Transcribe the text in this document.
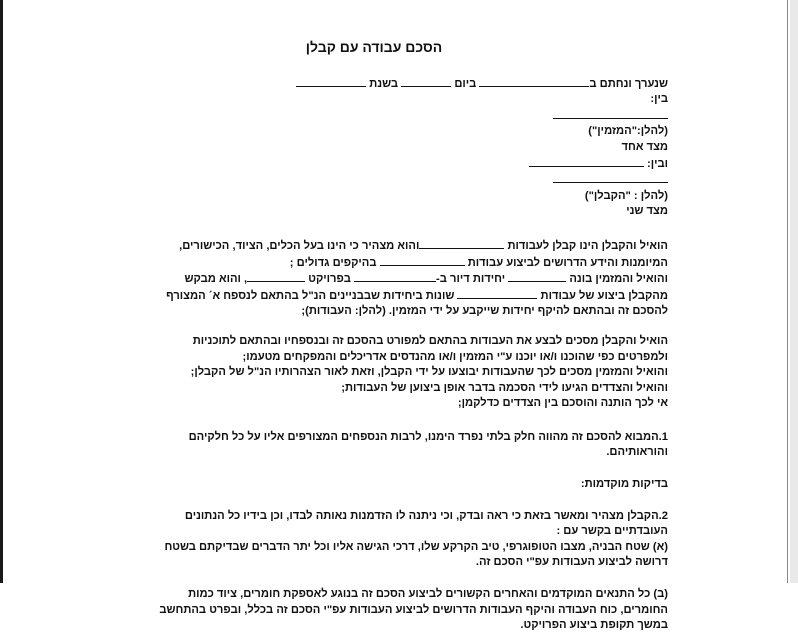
הסכם עבודה עם קבלן

שנערך ונחתם ב ביום  בשנת

בין:

(להלן:"המזמין")

מצד אחד

ובין:

(להלן : "הקבלן")

מצד שני

הואיל והקבלן הינו קבלן לעבודות והוא מצהיר כי הינו בעל הכלים, הציוד, הכישורים,

המיומנות והידע הדרושים לביצוע עבודות  בהיקפים גדולים ;

והואיל והמזמין בונה  יחידות דיור ב- בפרויקט , והוא מבקש

מהקבלן ביצוע של עבודות  שונות ביחידות שבבניינים הנ"ל בהתאם לנספח א´ המצורף

להסכם זה ובהתאם להיקף יחידות שייקבע על ידי המזמין. (להלן: העבודות);

הואיל והקבלן מסכים לבצע את העבודות בהתאם למפורט בהסכם זה ובנספחיו ובהתאם לתוכניות

ולמפרטים כפי שהוכנו ו/או יוכנו ע"י המזמין ו/או מהנדסים אדריכלים והמפקחים מטעמו;

והואיל והמזמין מסכים לכך שהעבודות יבוצעו על ידי הקבלן, וזאת לאור הצהרותיו הנ"ל של הקבלן;

והואיל והצדדים הגיעו לידי הסכמה בדבר אופן ביצוען של העבודות;

אי לכך הותנה והוסכם בין הצדדים כדלקמן;

1.המבוא להסכם זה מהווה חלק בלתי נפרד הימנו, לרבות הנספחים המצורפים אליו על כל חלקיהם

והוראותיהם.

בדיקות מוקדמות:

2.הקבלן מצהיר ומאשר בזאת כי ראה ובדק, וכי ניתנה לו הזדמנות נאותה לבדו, וכן בידיו כל הנתונים

העובדתיים בקשר עם :

(א) שטח הבניה, מצבו הטופוגרפי, טיב הקרקע שלו, דרכי הגישה אליו וכל יתר הדברים שבדיקתם בשטח

דרושה לביצוע העבודות עפ"י הסכם זה.

(ב) כל התנאים המוקדמים והאחרים הקשורים לביצוע הסכם זה בנוגע לאספקת חומרים, ציוד כמות

החומרים, כוח העבודה והיקף העבודות הדרושים לביצוע העבודות עפ"י הסכם זה בכלל, ובפרט בהתחשב

במשך תקופת ביצוע הפרויקט.
